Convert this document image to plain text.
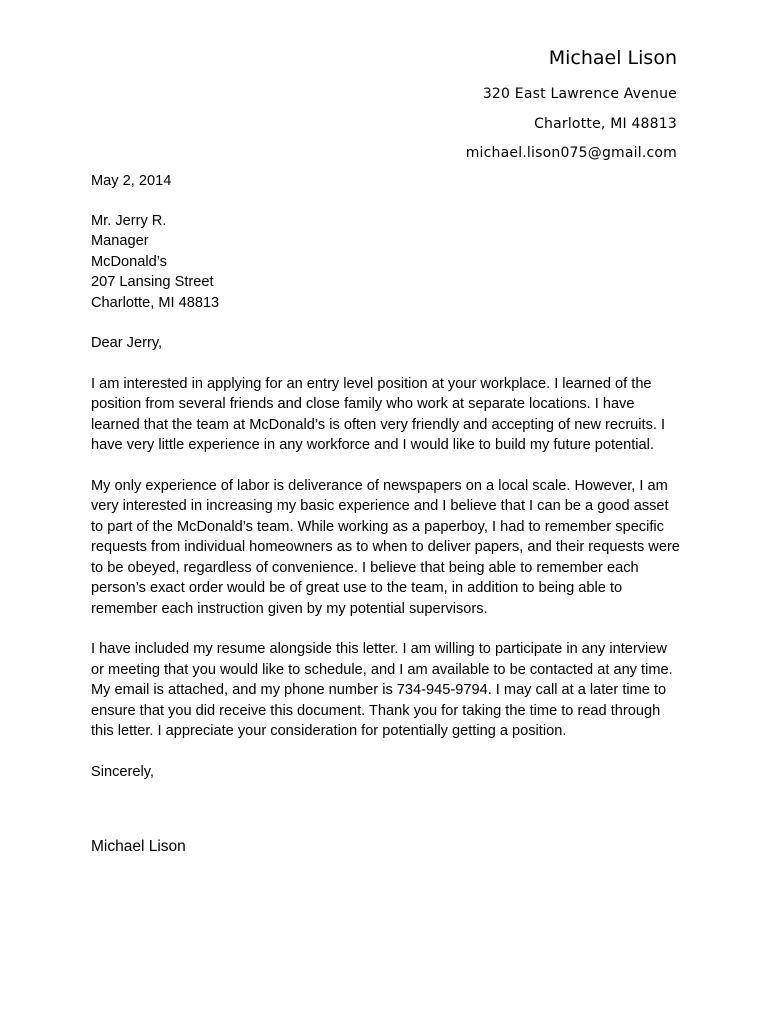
Michael Lison
320 East Lawrence Avenue
Charlotte, MI 48813
michael.lison075@gmail.com
May 2, 2014
Mr. Jerry R.
Manager
McDonald’s
207 Lansing Street
Charlotte, MI 48813
Dear Jerry,

I am interested in applying for an entry level position at your workplace. I learned of the position from several friends and close family who work at separate locations. I have learned that the team at McDonald’s is often very friendly and accepting of new recruits. I have very little experience in any workforce and I would like to build my future potential.

My only experience of labor is deliverance of newspapers on a local scale. However, I am very interested in increasing my basic experience and I believe that I can be a good asset to part of the McDonald’s team. While working as a paperboy, I had to remember specific requests from individual homeowners as to when to deliver papers, and their requests were to be obeyed, regardless of convenience. I believe that being able to remember each person’s exact order would be of great use to the team, in addition to being able to remember each instruction given by my potential supervisors.

I have included my resume alongside this letter. I am willing to participate in any interview or meeting that you would like to schedule, and I am available to be contacted at any time. My email is attached, and my phone number is 734-945-9794. I may call at a later time to ensure that you did receive this document. Thank you for taking the time to read through this letter. I appreciate your consideration for potentially getting a position.

Sincerely,
Michael Lison
